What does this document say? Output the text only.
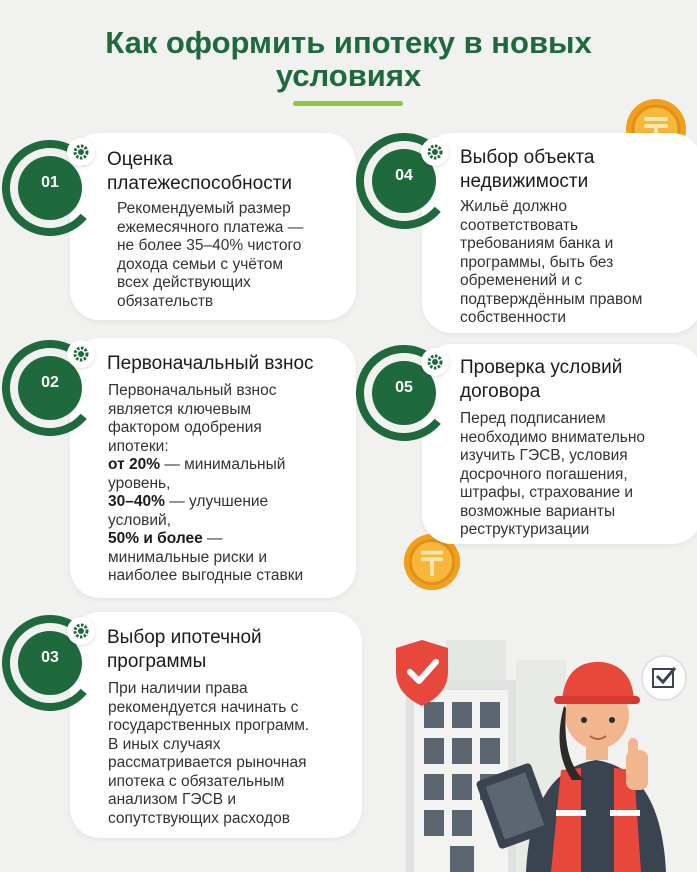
Как оформить ипотеку в новых
условиях
01
Оценка
платежеспособности
Рекомендуемый размер
ежемесячного платежа —
не более 35–40% чистого
дохода семьи с учётом
всех действующих
обязательств
02
Первоначальный взнос
Первоначальный взнос
является ключевым
фактором одобрения
ипотеки:
от 20% — минимальный
уровень,
30–40% — улучшение
условий,
50% и более —
минимальные риски и
наиболее выгодные ставки
03
Выбор ипотечной
программы
При наличии права
рекомендуется начинать с
государственных программ.
В иных случаях
рассматривается рыночная
ипотека с обязательным
анализом ГЭСВ и
сопутствующих расходов
04
Выбор объекта
недвижимости
Жильё должно
соответствовать
требованиям банка и
программы, быть без
обременений и с
подтверждённым правом
собственности
05
Проверка условий
договора
Перед подписанием
необходимо внимательно
изучить ГЭСВ, условия
досрочного погашения,
штрафы, страхование и
возможные варианты
реструктуризации
